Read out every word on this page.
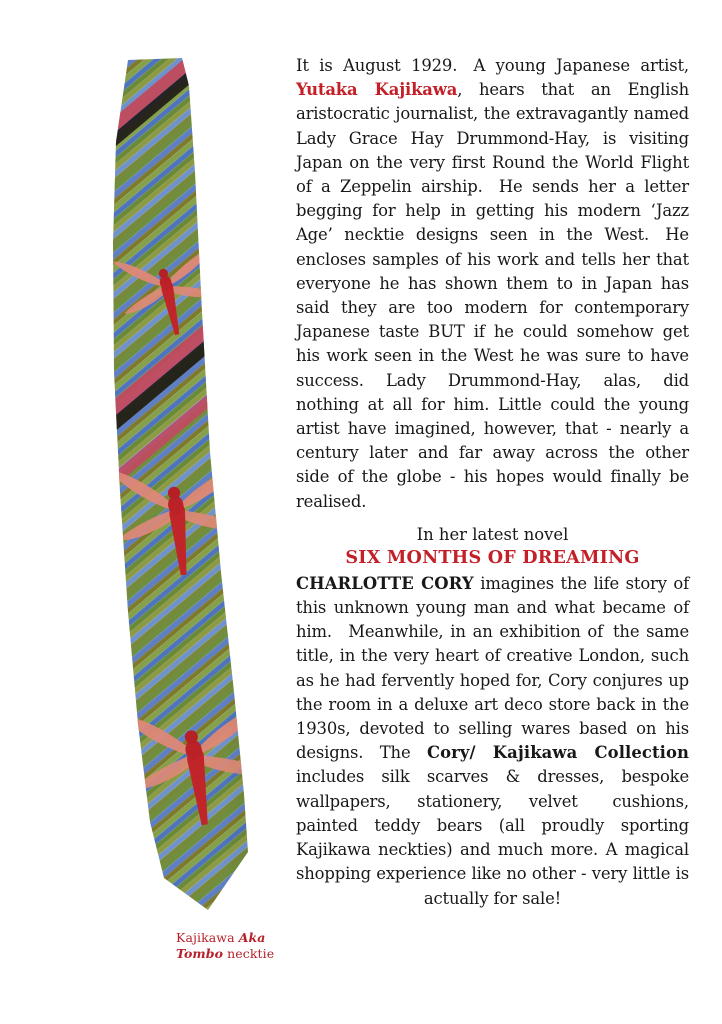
Kajikawa Aka Tombo necktie

It is August 1929. A young Japanese artist, Yutaka Kajikawa, hears that an English aristocratic journalist, the extravagantly named Lady Grace Hay Drummond-Hay, is visiting Japan on the very first Round the World Flight of a Zeppelin airship. He sends her a letter begging for help in getting his modern ‘Jazz Age’ necktie designs seen in the West. He encloses samples of his work and tells her that everyone he has shown them to in Japan has said they are too modern for contemporary Japanese taste BUT if he could somehow get his work seen in the West he was sure to have success. Lady Drummond-Hay, alas, did nothing at all for him. Little could the young artist have imagined, however, that - nearly a century later and far away across the other side of the globe - his hopes would finally be realised.

In her latest novel

SIX MONTHS OF DREAMING

CHARLOTTE CORY imagines the life story of this unknown young man and what became of him. Meanwhile, in an exhibition of  the same title, in the very heart of creative London, such as he had fervently hoped for, Cory conjures up the room in a deluxe art deco store back in the 1930s, devoted to selling wares based on his designs. The Cory/ Kajikawa Collection includes silk scarves & dresses, bespoke wallpapers, stationery, velvet  cushions, painted teddy bears (all proudly sporting Kajikawa neckties) and much more. A magical shopping experience like no other - very little is actually for sale!
